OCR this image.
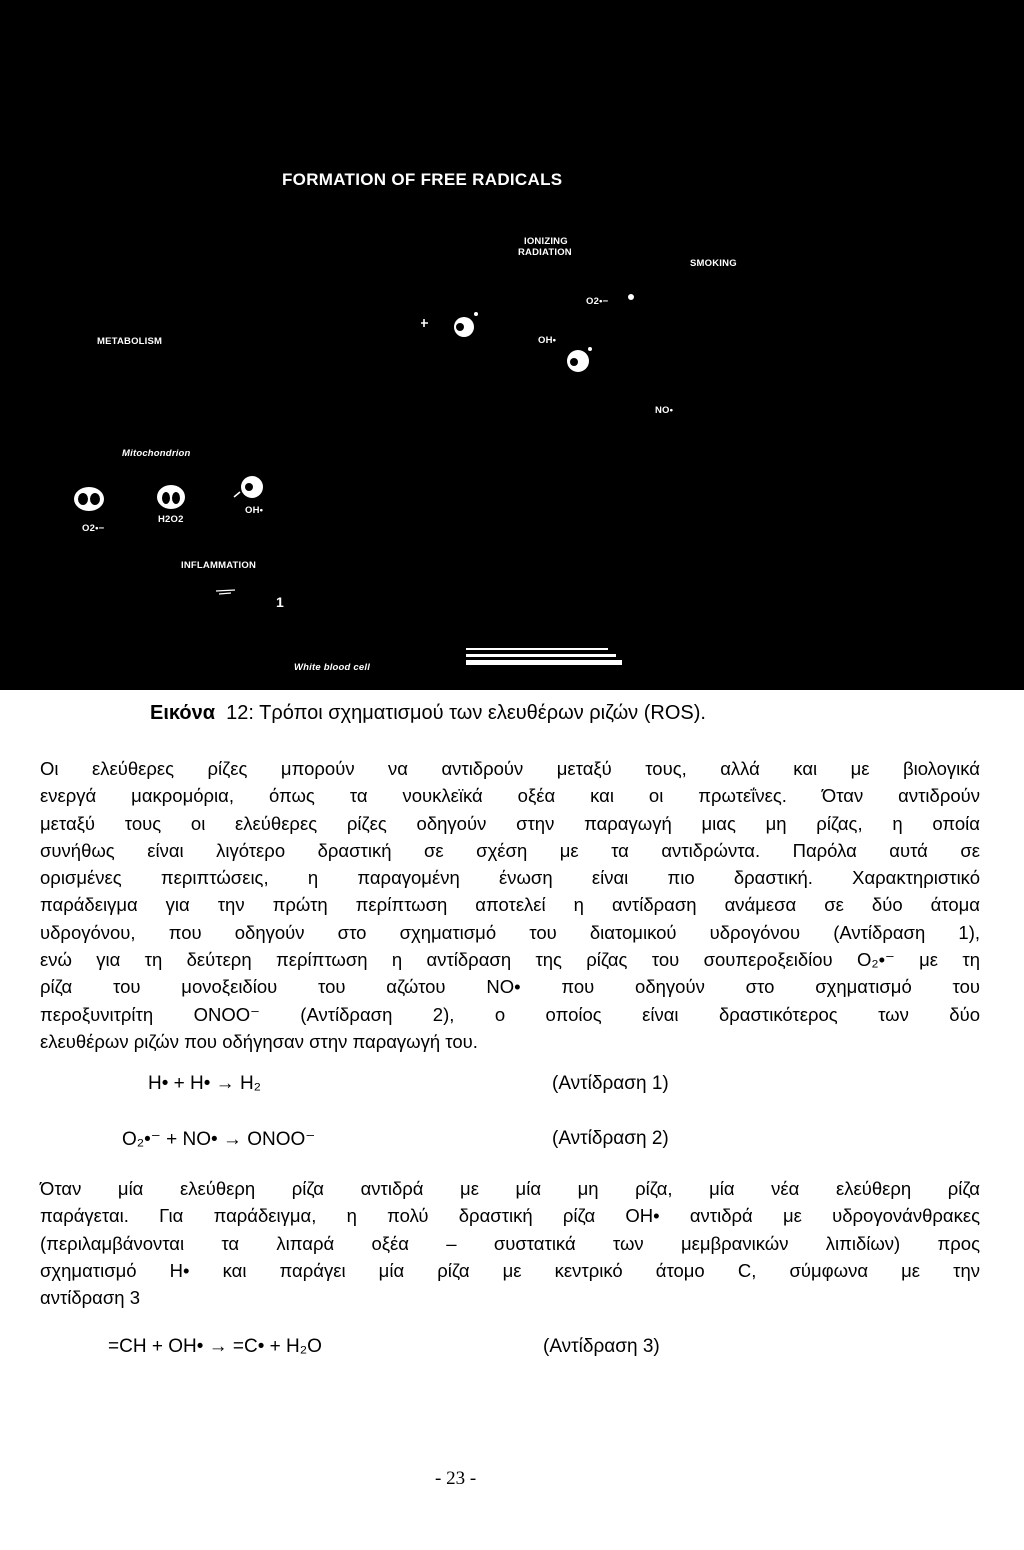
FORMATION OF FREE RADICALS
IONIZING
RADIATION
SMOKING
METABOLISM
O2•−
OH•
NO•
Mitochondrion
O2•−
H2O2
OH•
INFLAMMATION
1
White blood cell
Εικόνα 12: Τρόποι σχηματισμού των ελευθέρων ριζών (ROS).
Οι ελεύθερες ρίζες μπορούν να αντιδρούν μεταξύ τους, αλλά και με βιολογικά
ενεργά μακρομόρια, όπως τα νουκλεϊκά οξέα και οι πρωτεΐνες. Όταν αντιδρούν
μεταξύ τους οι ελεύθερες ρίζες οδηγούν στην παραγωγή μιας μη ρίζας, η οποία
συνήθως είναι λιγότερο δραστική σε σχέση με τα αντιδρώντα. Παρόλα αυτά σε
ορισμένες περιπτώσεις, η παραγομένη ένωση είναι πιο δραστική. Χαρακτηριστικό
παράδειγμα για την πρώτη περίπτωση αποτελεί η αντίδραση ανάμεσα σε δύο άτομα
υδρογόνου, που οδηγούν στο σχηματισμό του διατομικού υδρογόνου (Αντίδραση 1),
ενώ για τη δεύτερη περίπτωση η αντίδραση της ρίζας του σουπεροξειδίου O₂•⁻ με τη
ρίζα του μονοξειδίου του αζώτου NO• που οδηγούν στο σχηματισμό του
περοξυνιτρίτη ONOO⁻ (Αντίδραση 2), ο οποίος είναι δραστικότερος των δύο
ελευθέρων ριζών που οδήγησαν στην παραγωγή του.
H• + H• → H₂	(Αντίδραση 1)
O₂•⁻ + NO• → ONOO⁻	(Αντίδραση 2)
Όταν μία ελεύθερη ρίζα αντιδρά με μία μη ρίζα, μία νέα ελεύθερη ρίζα
παράγεται. Για παράδειγμα, η πολύ δραστική ρίζα ΟΗ• αντιδρά με υδρογονάνθρακες
(περιλαμβάνονται τα λιπαρά οξέα – συστατικά των μεμβρανικών λιπιδίων) προς
σχηματισμό Η• και παράγει μία ρίζα με κεντρικό άτομο C, σύμφωνα με την
αντίδραση 3
=CH + OH• → =C• + H₂O	(Αντίδραση 3)
- 23 -
